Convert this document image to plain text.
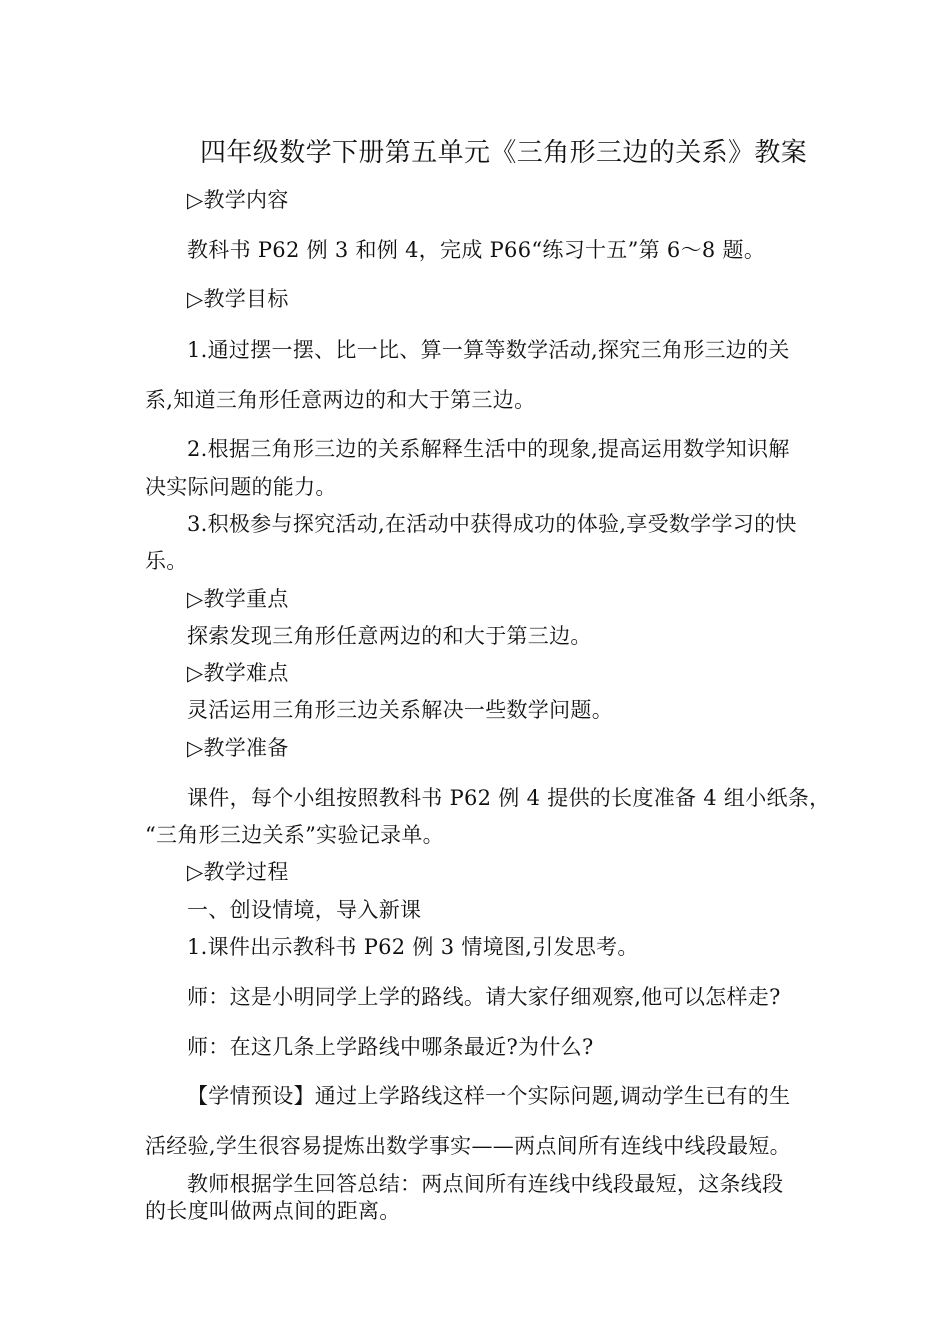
四年级数学下册第五单元《三角形三边的关系》教案
▷教学内容
教科书 P62 例 3 和例 4，完成 P66“练习十五”第 6～8 题。
▷教学目标
1.通过摆一摆、比一比、算一算等数学活动,探究三角形三边的关
系,知道三角形任意两边的和大于第三边。
2.根据三角形三边的关系解释生活中的现象,提高运用数学知识解
决实际问题的能力。
3.积极参与探究活动,在活动中获得成功的体验,享受数学学习的快
乐。
▷教学重点
探索发现三角形任意两边的和大于第三边。
▷教学难点
灵活运用三角形三边关系解决一些数学问题。
▷教学准备
课件，每个小组按照教科书 P62 例 4 提供的长度准备 4 组小纸条，
“三角形三边关系”实验记录单。
▷教学过程
一、创设情境，导入新课
1.课件出示教科书 P62 例 3 情境图,引发思考。
师：这是小明同学上学的路线。请大家仔细观察,他可以怎样走?
师：在这几条上学路线中哪条最近?为什么?
【学情预设】通过上学路线这样一个实际问题,调动学生已有的生
活经验,学生很容易提炼出数学事实——两点间所有连线中线段最短。
教师根据学生回答总结：两点间所有连线中线段最短，这条线段
的长度叫做两点间的距离。
